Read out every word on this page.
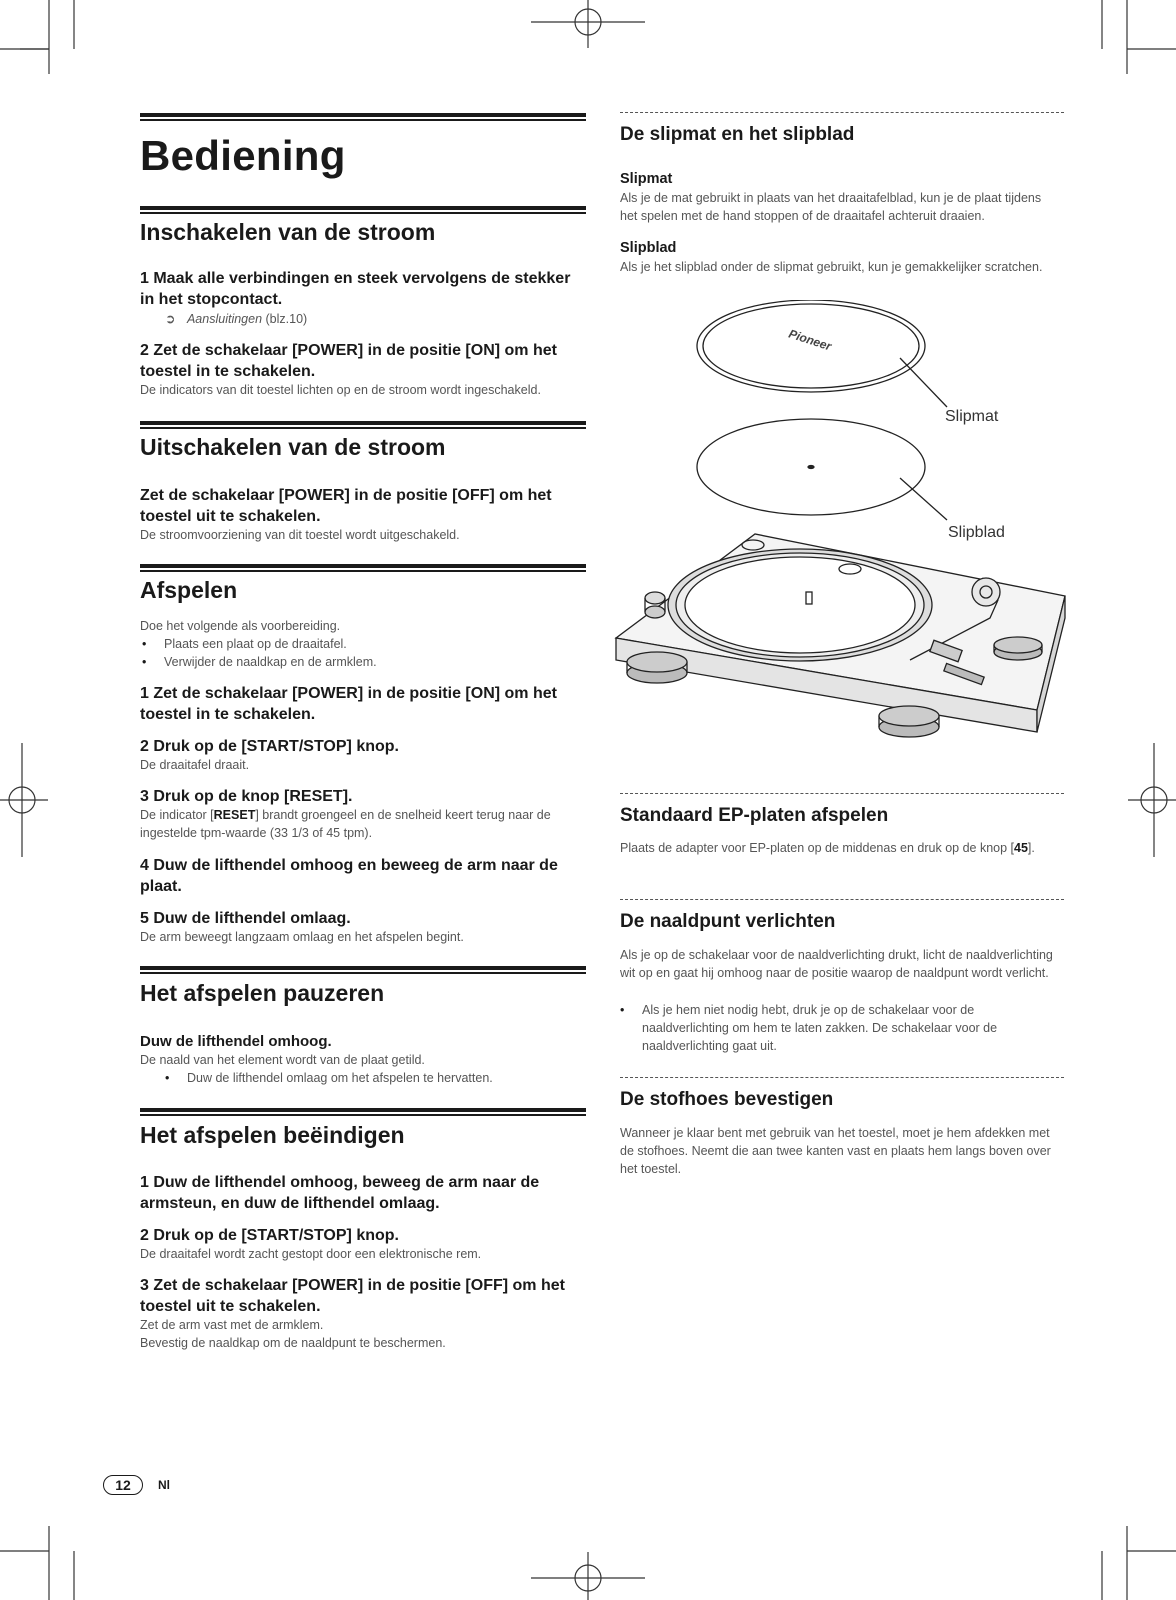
Bediening
Inschakelen van de stroom

1 Maak alle verbindingen en steek vervolgens de stekker in het stopcontact.

➲ Aansluitingen (blz.10)

2 Zet de schakelaar [POWER] in de positie [ON] om het toestel in te schakelen.

De indicators van dit toestel lichten op en de stroom wordt ingeschakeld.

Uitschakelen van de stroom

Zet de schakelaar [POWER] in de positie [OFF] om het toestel uit te schakelen.

De stroomvoorziening van dit toestel wordt uitgeschakeld.

Afspelen

Doe het volgende als voorbereiding.

• Plaats een plaat op de draaitafel.
• Verwijder de naaldkap en de armklem.

1 Zet de schakelaar [POWER] in de positie [ON] om het toestel in te schakelen.

2 Druk op de [START/STOP] knop.

De draaitafel draait.

3 Druk op de knop [RESET].

De indicator [RESET] brandt groengeel en de snelheid keert terug naar de ingestelde tpm-waarde (33 1/3 of 45 tpm).

4 Duw de lifthendel omhoog en beweeg de arm naar de plaat.

5 Duw de lifthendel omlaag.

De arm beweegt langzaam omlaag en het afspelen begint.

Het afspelen pauzeren

Duw de lifthendel omhoog.

De naald van het element wordt van de plaat getild.

• Duw de lifthendel omlaag om het afspelen te hervatten.
Het afspelen beëindigen

1 Duw de lifthendel omhoog, beweeg de arm naar de armsteun, en duw de lifthendel omlaag.

2 Druk op de [START/STOP] knop.

De draaitafel wordt zacht gestopt door een elektronische rem.

3 Zet de schakelaar [POWER] in de positie [OFF] om het toestel uit te schakelen.

Zet de arm vast met de armklem.

Bevestig de naaldkap om de naaldpunt te beschermen.

De slipmat en het slipblad
Slipmat

Als je de mat gebruikt in plaats van het draaitafelblad, kun je de plaat tijdens het spelen met de hand stoppen of de draaitafel achteruit draaien.

Slipblad

Als je het slipblad onder de slipmat gebruikt, kun je gemakkelijker scratchen.

Pioneer
Slipmat
Slipblad
Standaard EP-platen afspelen

Plaats de adapter voor EP-platen op de middenas en druk op de knop [45].

De naaldpunt verlichten

Als je op de schakelaar voor de naaldverlichting drukt, licht de naaldverlichting wit op en gaat hij omhoog naar de positie waarop de naaldpunt wordt verlicht.

• Als je hem niet nodig hebt, druk je op de schakelaar voor de naaldverlichting om hem te laten zakken. De schakelaar voor de naaldverlichting gaat uit.
De stofhoes bevestigen

Wanneer je klaar bent met gebruik van het toestel, moet je hem afdekken met de stofhoes. Neemt die aan twee kanten vast en plaats hem langs boven over het toestel.

12	Nl
